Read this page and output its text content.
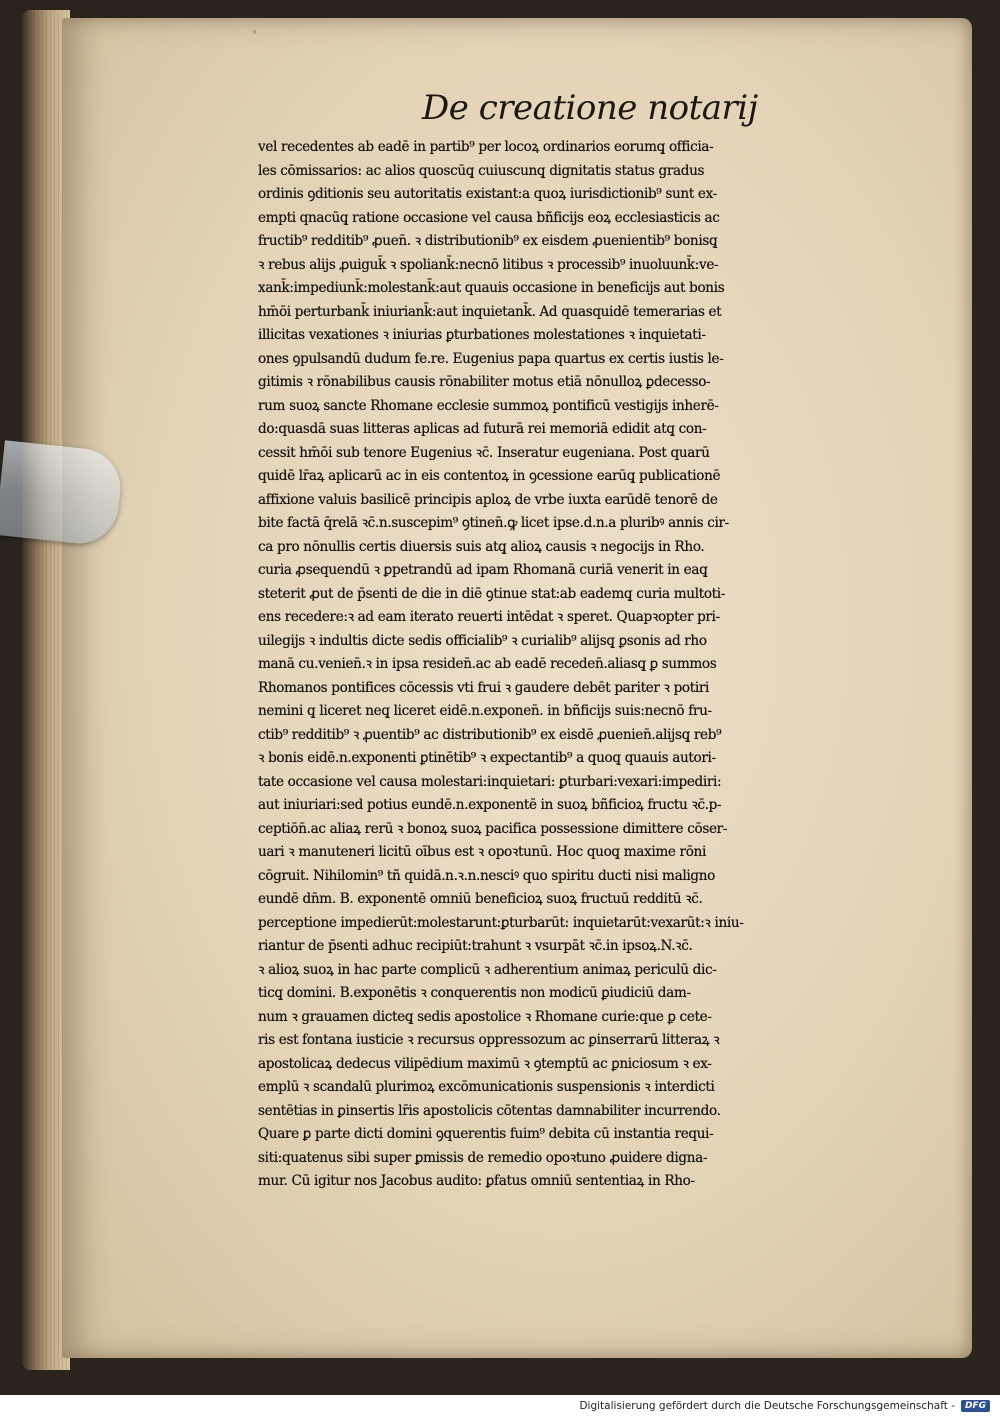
°
De creatione notarij
vel recedentes ab eadē in partib⁹ per locoꝝ ordinarios eorumq̧ officia-
les cōmissarios: ac alios quoscūq̧ cuiuscunq̧ dignitatis status gradus
ordinis ꝯditionis seu autoritatis existant:a quoꝝ iurisdictionib⁹ sunt ex-
empti qnacūq̧ ratione occasione vel causa bñficijs eoꝝ ecclesiasticis ac
fructib⁹ redditib⁹ ꝓuen̄. ꝛ distributionib⁹ ex eisdem ꝓuenientib⁹ bonisq̧
ꝛ rebus alijs ꝓuiguk̄ ꝛ spoliank̄:necnō litibus ꝛ processib⁹ inuoluunk̄:ve-
xank̄:impediunk̄:molestank̄:aut quauis occasione in beneficijs aut bonis
hm̄ōi perturbank̄ iniuriank̄:aut inquietank̄. Ad quasquidē temerarias et
illicitas vexationes ꝛ iniurias ꝑturbationes molestationes ꝛ inquietati-
ones ꝯpulsandū dudum fe.re. Eugenius papa quartus ex certis iustis le-
gitimis ꝛ rōnabilibus causis rōnabiliter motus etiā nōnulloꝝ ꝑdecesso-
rum suoꝝ sancte Rhomane ecclesie summoꝝ pontificū vestigijs inherē-
do:quasdā suas litteras aplicas ad futurā rei memoriā edidit atq̧ con-
cessit hm̄ōi sub tenore Eugenius ꝛc̄. Inseratur eugeniana. Post quarū
quidē lr̄aꝝ aplicarū ac in eis contentoꝝ in ꝯcessione earūq̧ publicationē
affixione valuis basilicē principis aploꝝ de vrbe iuxta earūdē tenorē de
bite factā q̄relā ꝛc̄.n.suscepim⁹ ꝯtinen̄.ꝙ licet ipse.d.n.a pluribꝰ annis cir-
ca pro nōnullis certis diuersis suis atq̧ alioꝝ causis ꝛ negocijs in Rho.
curia ꝓsequendū ꝛ ꝑpetrandū ad ipam Rhomanā curiā venerit in eaq̧
steterit ꝓut de p̄senti de die in diē ꝯtinue stat:ab eademq̧ curia multoti-
ens recedere:ꝛ ad eam iterato reuerti intēdat ꝛ speret. Quapꝛopter pri-
uilegijs ꝛ indultis dicte sedis officialib⁹ ꝛ curialib⁹ alijsq̧ ꝑsonis ad rho
manā cu.venien̄.ꝛ in ipsa residen̄.ac ab eadē receden̄.aliasq̧ ꝑ summos
Rhomanos pontifices cōcessis vti frui ꝛ gaudere debēt pariter ꝛ potiri
nemini q̧ liceret neq̧ liceret eidē.n.exponen̄. in bñficijs suis:necnō fru-
ctib⁹ redditib⁹ ꝛ ꝓuentib⁹ ac distributionib⁹ ex eisdē ꝓuenien̄.alijsq̧ reb⁹
ꝛ bonis eidē.n.exponenti ꝑtinētib⁹ ꝛ expectantib⁹ a quoq̧ quauis autori-
tate occasione vel causa molestari:inquietari: ꝑturbari:vexari:impediri:
aut iniuriari:sed potius eundē.n.exponentē in suoꝝ bñficioꝝ fructu ꝛc̄.p-
ceptiōn̄.ac aliaꝝ rerū ꝛ bonoꝝ suoꝝ pacifica possessione dimittere cōser-
uari ꝛ manuteneri licitū oībus est ꝛ opoꝛtunū. Hoc quoq̧ maxime rōni
cōgruit. Nihilomin⁹ tñ quidā.n.ꝛ.n.nesciꝰ quo spiritu ducti nisi maligno
eundē dn̄m. B. exponentē omniū beneficioꝝ suoꝝ fructuū redditū ꝛc̄.
perceptione impedierūt:molestarunt:ꝑturbarūt: inquietarūt:vexarūt:ꝛ iniu-
riantur de p̄senti adhuc recipiūt:trahunt ꝛ vsurpāt ꝛc̄.in ipsoꝝ.N.ꝛc̄.
ꝛ alioꝝ suoꝝ in hac parte complicū ꝛ adherentium animaꝝ periculū dic-
ticq̧ domini. B.exponētis ꝛ conquerentis non modicū ꝑiudiciū dam-
num ꝛ grauamen dicteq̧ sedis apostolice ꝛ Rhomane curie:que ꝑ cete-
ris est fontana iusticie ꝛ recursus oppressozum ac ꝑinserrarū litteraꝝ ꝛ
apostolicaꝝ dedecus vilipēdium maximū ꝛ ꝯtemptū ac ꝑniciosum ꝛ ex-
emplū ꝛ scandalū plurimoꝝ excōmunicationis suspensionis ꝛ interdicti
sentētias in ꝑinsertis lr̄is apostolicis cōtentas damnabiliter incurrendo.
Quare ꝑ parte dicti domini ꝯquerentis fuim⁹ debita cū instantia requi-
siti:quatenus sibi super ꝑmissis de remedio opoꝛtuno ꝓuidere digna-
mur. Cū igitur nos Jacobus audito: ꝑfatus omniū sententiaꝝ in Rho-
Digitalisierung gefördert durch die Deutsche Forschungsgemeinschaft -	DFG
